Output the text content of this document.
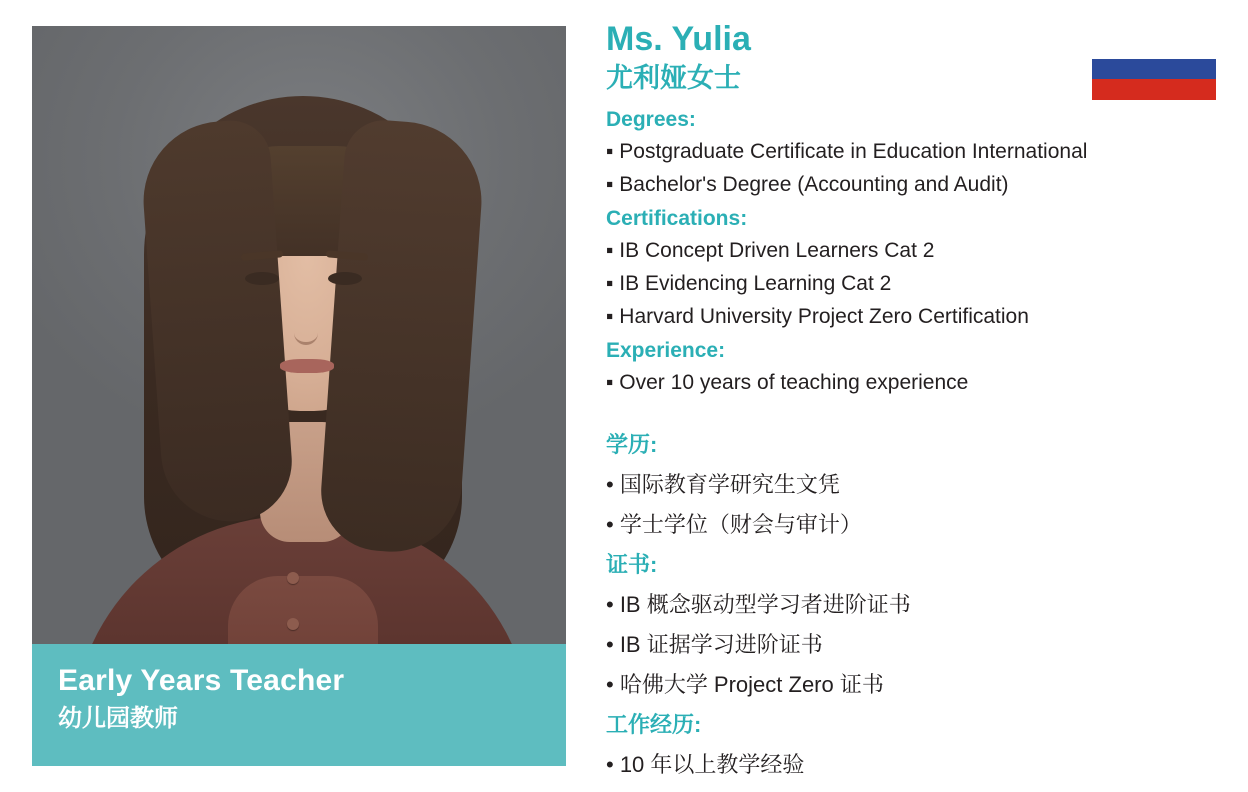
Early Years Teacher
幼儿园教师
Ms. Yulia
尤利娅女士

Degrees:

▪ Postgraduate Certificate in Education International

▪ Bachelor's Degree (Accounting and Audit)

Certifications:

▪ IB Concept Driven Learners Cat 2

▪ IB Evidencing Learning Cat 2

▪ Harvard University Project Zero Certification

Experience:

▪ Over 10 years of teaching experience

学历:

• 国际教育学研究生文凭

• 学士学位（财会与审计）

证书:

• IB 概念驱动型学习者进阶证书

• IB 证据学习进阶证书

• 哈佛大学 Project Zero 证书

工作经历:

• 10 年以上教学经验
